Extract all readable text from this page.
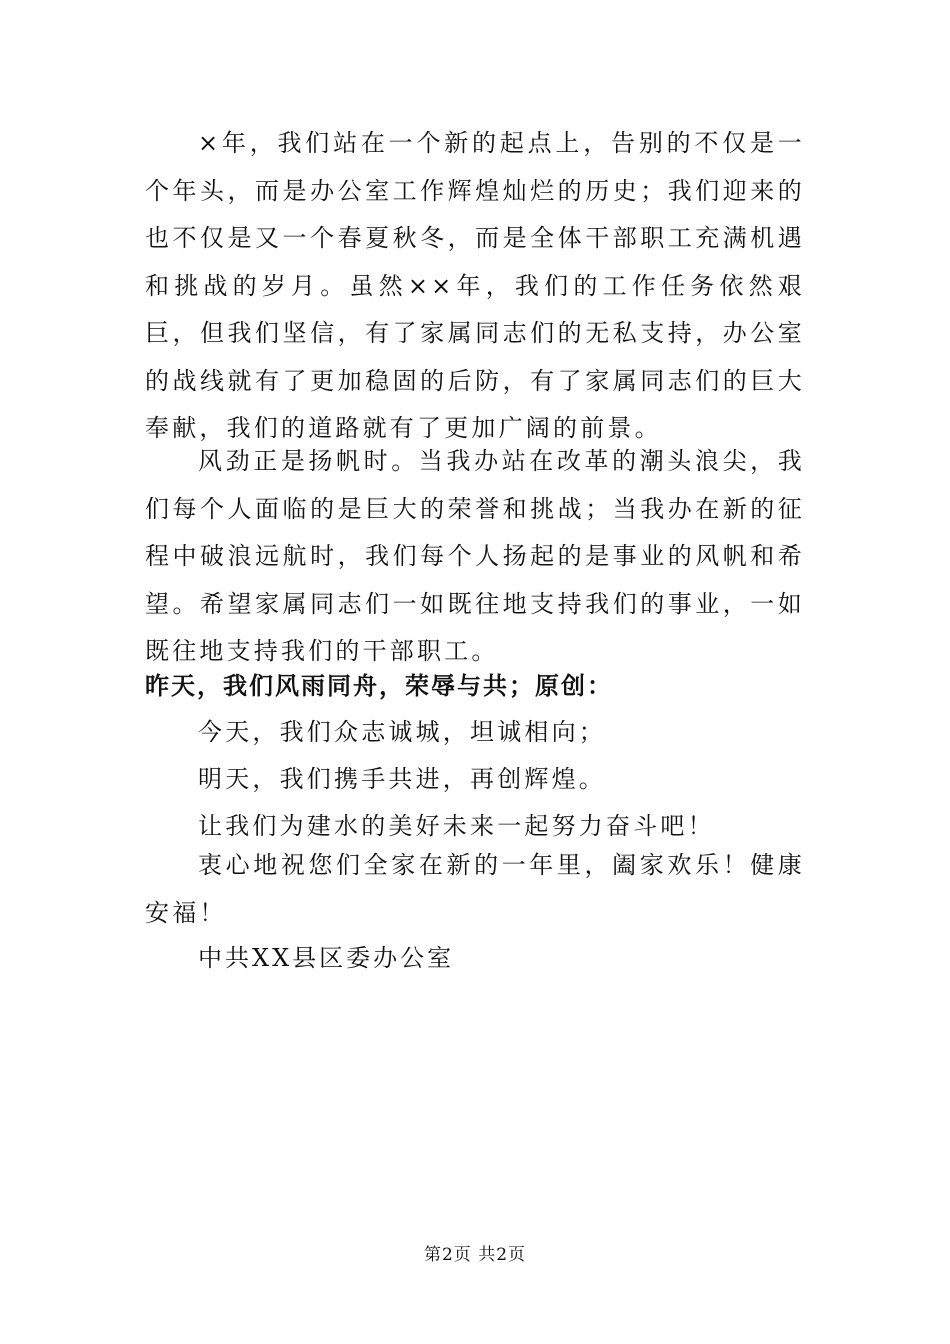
×年，我们站在一个新的起点上，告别的不仅是一个年头，而是办公室工作辉煌灿烂的历史；我们迎来的也不仅是又一个春夏秋冬，而是全体干部职工充满机遇和挑战的岁月。虽然××年，我们的工作任务依然艰巨，但我们坚信，有了家属同志们的无私支持，办公室的战线就有了更加稳固的后防，有了家属同志们的巨大奉献，我们的道路就有了更加广阔的前景。

风劲正是扬帆时。当我办站在改革的潮头浪尖，我们每个人面临的是巨大的荣誉和挑战；当我办在新的征程中破浪远航时，我们每个人扬起的是事业的风帆和希望。希望家属同志们一如既往地支持我们的事业，一如既往地支持我们的干部职工。

昨天，我们风雨同舟，荣辱与共；原创：

今天，我们众志诚城，坦诚相向；

明天，我们携手共进，再创辉煌。

让我们为建水的美好未来一起努力奋斗吧！

衷心地祝您们全家在新的一年里，阖家欢乐！健康安福！

中共XX县区委办公室

第2页 共2页
